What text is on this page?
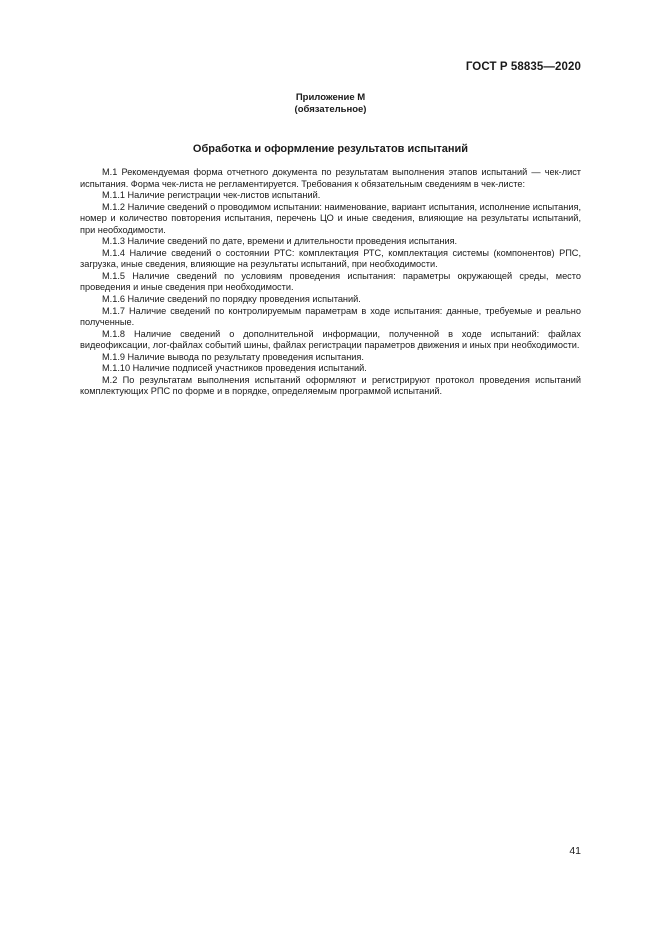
ГОСТ Р 58835—2020
Приложение М
(обязательное)
Обработка и оформление результатов испытаний

М.1 Рекомендуемая форма отчетного документа по результатам выполнения этапов испытаний — чек-лист испытания. Форма чек-листа не регламентируется. Требования к обязательным сведениям в чек-листе:

М.1.1 Наличие регистрации чек-листов испытаний.

М.1.2 Наличие сведений о проводимом испытании: наименование, вариант испытания, исполнение испытания, номер и количество повторения испытания, перечень ЦО и иные сведения, влияющие на результаты испытаний, при необходимости.

М.1.3 Наличие сведений по дате, времени и длительности проведения испытания.

М.1.4 Наличие сведений о состоянии РТС: комплектация РТС, комплектация системы (компонентов) РПС, загрузка, иные сведения, влияющие на результаты испытаний, при необходимости.

М.1.5 Наличие сведений по условиям проведения испытания: параметры окружающей среды, место проведения и иные сведения при необходимости.

М.1.6 Наличие сведений по порядку проведения испытаний.

М.1.7 Наличие сведений по контролируемым параметрам в ходе испытания: данные, требуемые и реально полученные.

М.1.8 Наличие сведений о дополнительной информации, полученной в ходе испытаний: файлах видеофиксации, лог-файлах событий шины, файлах регистрации параметров движения и иных при необходимости.

М.1.9 Наличие вывода по результату проведения испытания.

М.1.10 Наличие подписей участников проведения испытаний.

М.2 По результатам выполнения испытаний оформляют и регистрируют протокол проведения испытаний комплектующих РПС по форме и в порядке, определяемым программой испытаний.

41
